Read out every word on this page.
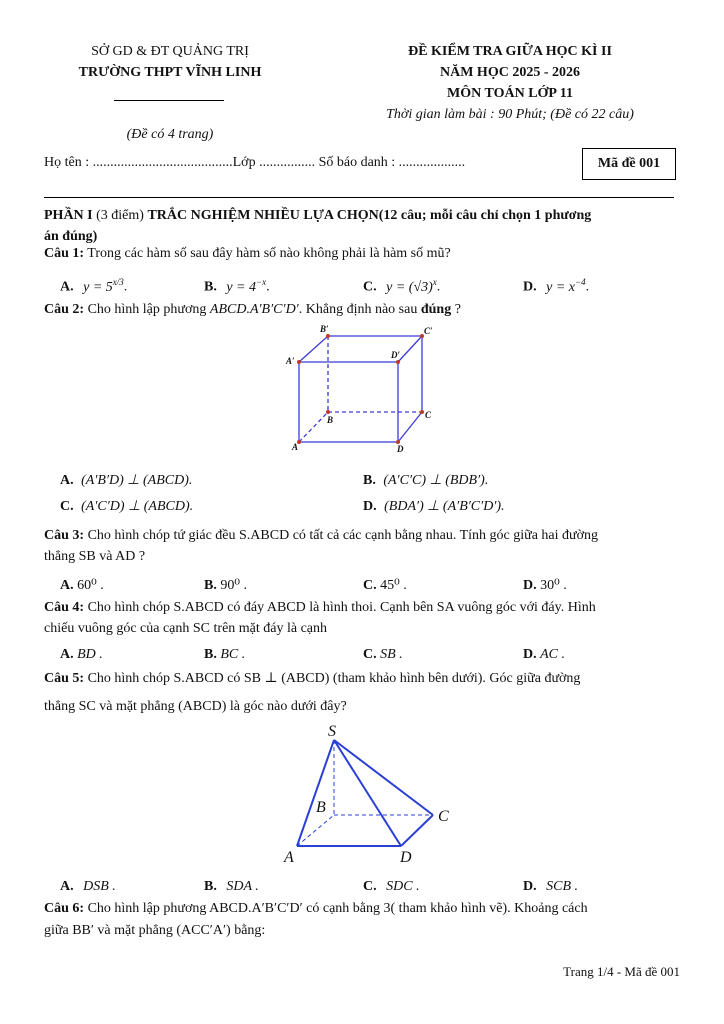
SỞ GD & ĐT QUẢNG TRỊ
TRƯỜNG THPT VĨNH LINH
(Đề có 4 trang)
ĐỀ KIỂM TRA GIỮA HỌC KÌ II
NĂM HỌC 2025 - 2026
MÔN TOÁN LỚP 11
Thời gian làm bài : 90 Phút; (Đề có 22 câu)
Họ tên : ........................................Lớp ................ Số báo danh : ...................	Mã đề 001
PHẦN I (3 điểm) TRẮC NGHIỆM NHIỀU LỰA CHỌN(12 câu; mỗi câu chỉ chọn 1 phương
án đúng)
Câu 1: Trong các hàm số sau đây hàm số nào không phải là hàm số mũ?
A. $y = 5^{x/3}$.	B. $y = 4^{-x}$.	C. $y = (√3)^x$.	D. $y = x^{-4}$.
Câu 2: Cho hình lập phương ABCD.A′B′C′D′. Khẳng định nào sau đúng ?
A′
B′	C′
D′
A
B	C
D
A. (A′B′D) ⊥ (ABCD).	B. (A′C′C) ⊥ (BDB′).
C. (A′C′D) ⊥ (ABCD).	D. (BDA′) ⊥ (A′B′C′D′).
Câu 3: Cho hình chóp tứ giác đều S.ABCD có tất cả các cạnh bằng nhau. Tính góc giữa hai đường
thẳng SB và AD ?
A. 60⁰ .	B. 90⁰ .	C. 45⁰ .	D. 30⁰ .
Câu 4: Cho hình chóp S.ABCD có đáy ABCD là hình thoi. Cạnh bên SA vuông góc với đáy. Hình
chiếu vuông góc của cạnh SC trên mặt đáy là cạnh
A. BD .	B. BC .	C. SB .	D. AC .
Câu 5: Cho hình chóp S.ABCD có SB ⊥ (ABCD) (tham khảo hình bên dưới). Góc giữa đường
thẳng SC và mặt phẳng (ABCD) là góc nào dưới đây?
S
B
C
A	D
A. DSB .	B. SDA .	C. SDC .	D. SCB .
Câu 6: Cho hình lập phương ABCD.A′B′C′D′ có cạnh bằng 3( tham khảo hình vẽ). Khoảng cách
giữa BB′ và mặt phẳng (ACC′A′) bằng:
Trang 1/4 - Mã đề 001
